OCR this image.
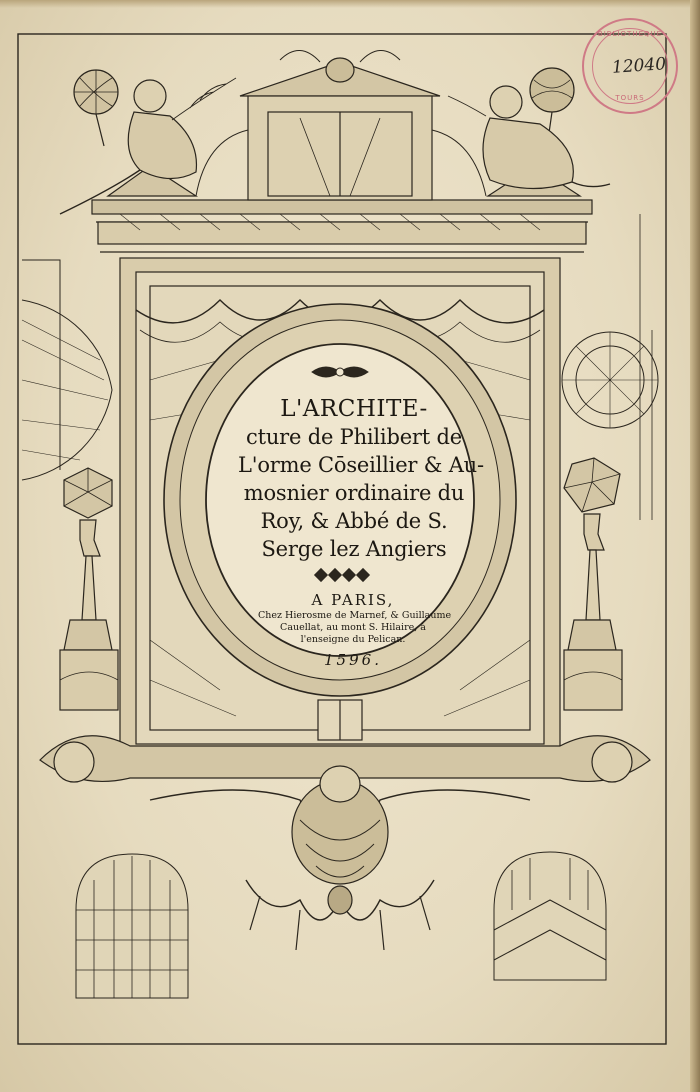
BIBLIOTHEQUE
TOURS
12040
L'ARCHITE-
cture de Philibert de
L'orme Cōseillier & Au-
mosnier ordinaire du
Roy, & Abbé de S.
Serge lez Angiers
A PARIS,
Chez Hierosme de Marnef, & Guillaume
Cauellat, au mont S. Hilaire, à
l'enseigne du Pelican.
1596.
